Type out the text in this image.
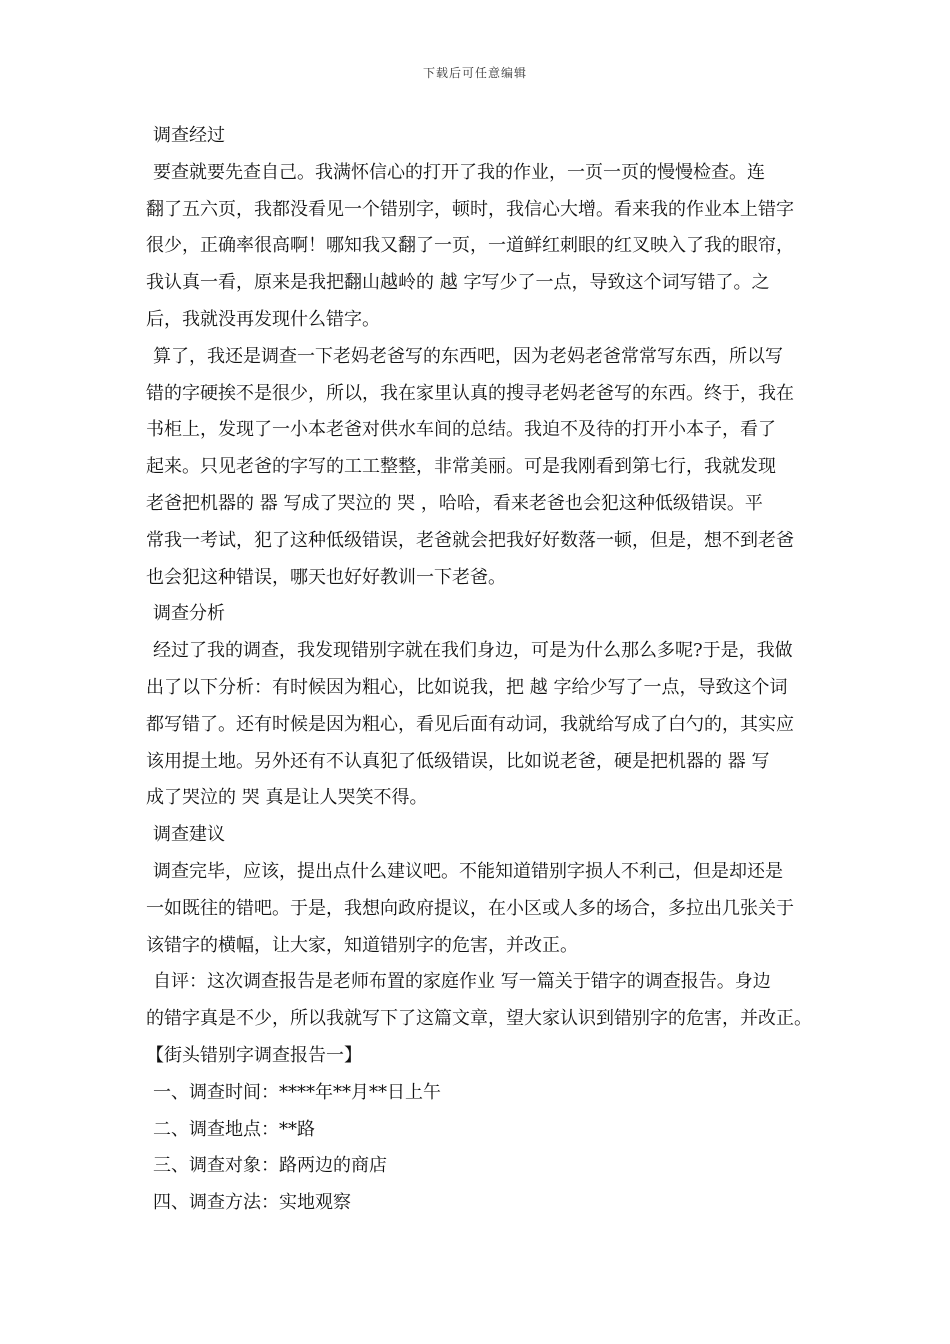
下载后可任意编辑
调查经过
要查就要先查自己。我满怀信心的打开了我的作业，一页一页的慢慢检查。连
翻了五六页，我都没看见一个错别字，顿时，我信心大增。看来我的作业本上错字
很少，正确率很高啊！哪知我又翻了一页，一道鲜红刺眼的红叉映入了我的眼帘，
我认真一看，原来是我把翻山越岭的 越 字写少了一点，导致这个词写错了。之
后，我就没再发现什么错字。
算了，我还是调查一下老妈老爸写的东西吧，因为老妈老爸常常写东西，所以写
错的字硬挨不是很少，所以，我在家里认真的搜寻老妈老爸写的东西。终于，我在
书柜上，发现了一小本老爸对供水车间的总结。我迫不及待的打开小本子，看了
起来。只见老爸的字写的工工整整，非常美丽。可是我刚看到第七行，我就发现
老爸把机器的 器 写成了哭泣的 哭 ，哈哈，看来老爸也会犯这种低级错误。平
常我一考试，犯了这种低级错误，老爸就会把我好好数落一顿，但是，想不到老爸
也会犯这种错误，哪天也好好教训一下老爸。
调查分析
经过了我的调查，我发现错别字就在我们身边，可是为什么那么多呢?于是，我做
出了以下分析：有时候因为粗心，比如说我，把 越 字给少写了一点，导致这个词
都写错了。还有时候是因为粗心，看见后面有动词，我就给写成了白勺的，其实应
该用提土地。另外还有不认真犯了低级错误，比如说老爸，硬是把机器的 器 写
成了哭泣的 哭 真是让人哭笑不得。
调查建议
调查完毕，应该，提出点什么建议吧。不能知道错别字损人不利己，但是却还是
一如既往的错吧。于是，我想向政府提议，在小区或人多的场合，多拉出几张关于
该错字的横幅，让大家，知道错别字的危害，并改正。
自评：这次调查报告是老师布置的家庭作业 写一篇关于错字的调查报告。身边
的错字真是不少，所以我就写下了这篇文章，望大家认识到错别字的危害，并改正。
【街头错别字调查报告一】
一、调查时间：****年**月**日上午
二、调查地点：**路
三、调查对象：路两边的商店
四、调查方法：实地观察
